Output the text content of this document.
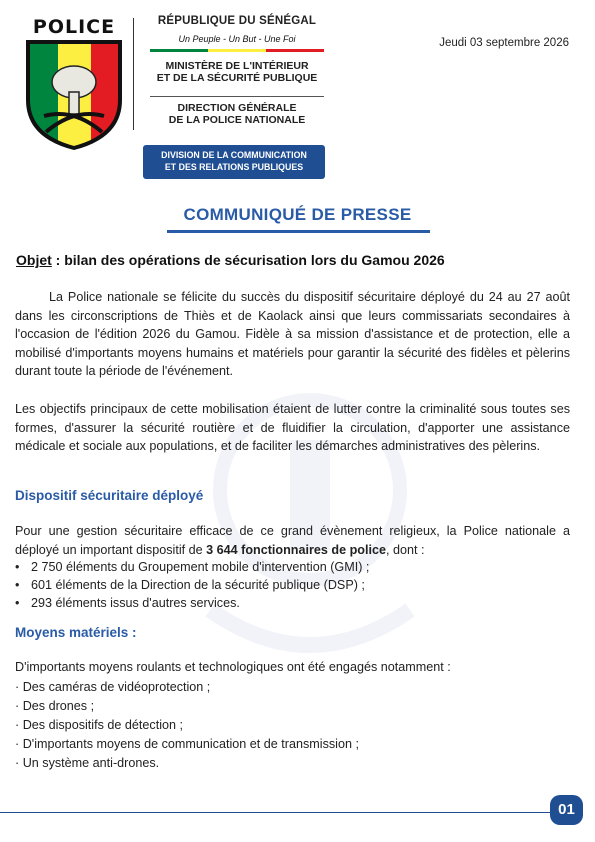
POLICE	RÉPUBLIQUE DU SÉNÉGAL
Un Peuple - Un But - Une Foi
MINISTÈRE DE L'INTÉRIEUR
ET DE LA SÉCURITÉ PUBLIQUE
DIRECTION GÉNÉRALE
DE LA POLICE NATIONALE
DIVISION DE LA COMMUNICATION
ET DES RELATIONS PUBLIQUES
Jeudi 03 septembre 2026
COMMUNIQUÉ DE PRESSE
Objet : bilan des opérations de sécurisation lors du Gamou 2026
La Police nationale se félicite du succès du dispositif sécuritaire déployé du 24 au 27 août dans les circonscriptions de Thiès et de Kaolack ainsi que leurs commissariats secondaires à l'occasion de l'édition 2026 du Gamou. Fidèle à sa mission d'assistance et de protection, elle a mobilisé d'importants moyens humains et matériels pour garantir la sécurité des fidèles et pèlerins durant toute la période de l'événement.
Les objectifs principaux de cette mobilisation étaient de lutter contre la criminalité sous toutes ses formes, d'assurer la sécurité routière et de fluidifier la circulation, d'apporter une assistance médicale et sociale aux populations, et de faciliter les démarches administratives des pèlerins.
Dispositif sécuritaire déployé
Pour une gestion sécuritaire efficace de ce grand évènement religieux, la Police nationale a déployé un important dispositif de 3 644 fonctionnaires de police, dont :
• 2 750 éléments du Groupement mobile d'intervention (GMI) ;
• 601 éléments de la Direction de la sécurité publique (DSP) ;
• 293 éléments issus d'autres services.
Moyens matériels :
D'importants moyens roulants et technologiques ont été engagés notamment :
· Des caméras de vidéoprotection ;
· Des drones ;
· Des dispositifs de détection ;
· D'importants moyens de communication et de transmission ;
· Un système anti-drones.
01
